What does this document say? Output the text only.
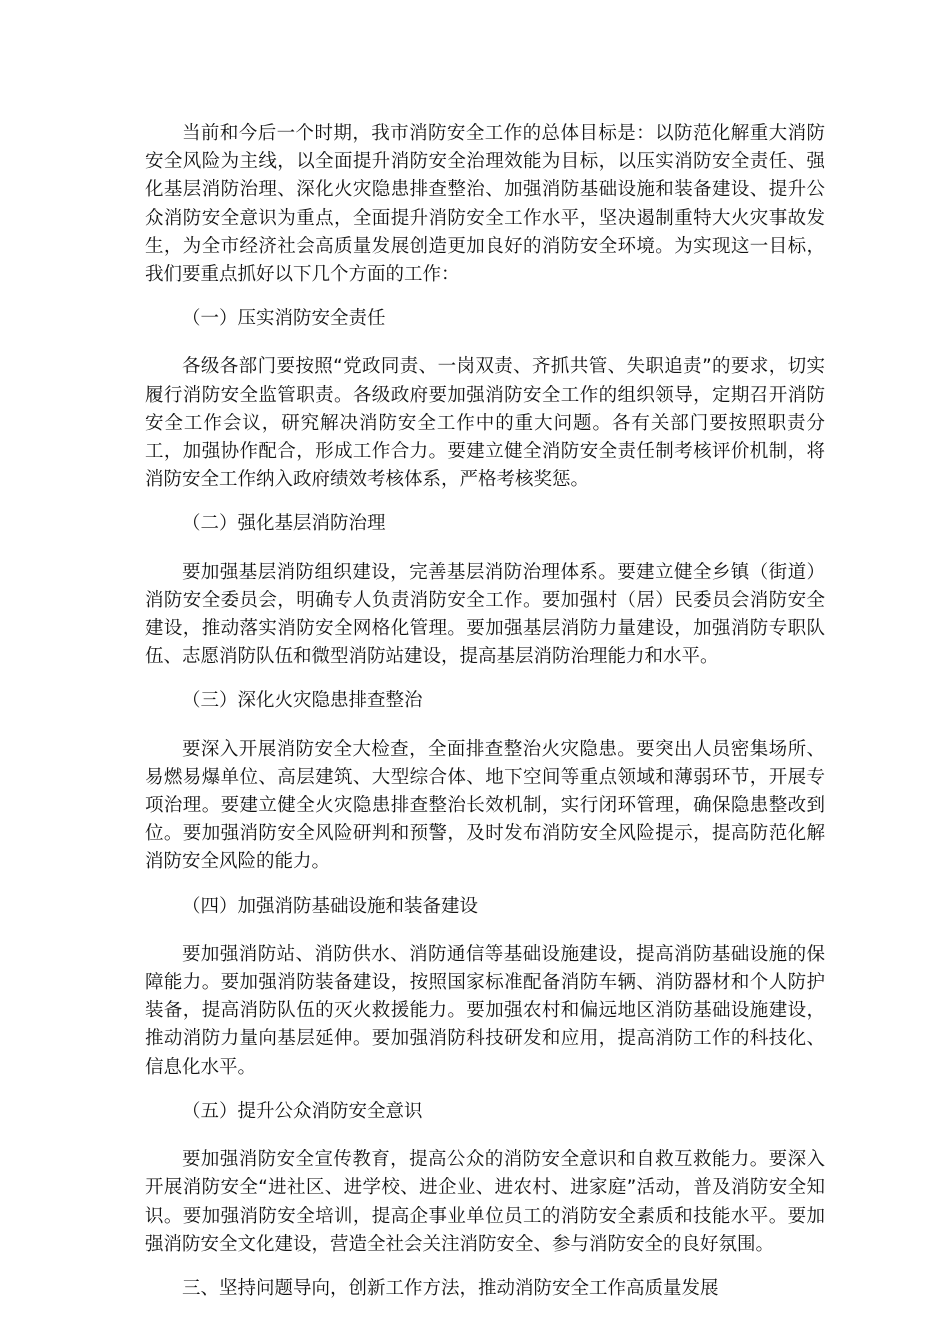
当前和今后一个时期，我市消防安全工作的总体目标是：以防范化解重大消防安全风险为主线，以全面提升消防安全治理效能为目标，以压实消防安全责任、强化基层消防治理、深化火灾隐患排查整治、加强消防基础设施和装备建设、提升公众消防安全意识为重点，全面提升消防安全工作水平，坚决遏制重特大火灾事故发生，为全市经济社会高质量发展创造更加良好的消防安全环境。为实现这一目标，我们要重点抓好以下几个方面的工作：

（一）压实消防安全责任

各级各部门要按照“党政同责、一岗双责、齐抓共管、失职追责”的要求，切实履行消防安全监管职责。各级政府要加强消防安全工作的组织领导，定期召开消防安全工作会议，研究解决消防安全工作中的重大问题。各有关部门要按照职责分工，加强协作配合，形成工作合力。要建立健全消防安全责任制考核评价机制，将消防安全工作纳入政府绩效考核体系，严格考核奖惩。

（二）强化基层消防治理

要加强基层消防组织建设，完善基层消防治理体系。要建立健全乡镇（街道）消防安全委员会，明确专人负责消防安全工作。要加强村（居）民委员会消防安全建设，推动落实消防安全网格化管理。要加强基层消防力量建设，加强消防专职队伍、志愿消防队伍和微型消防站建设，提高基层消防治理能力和水平。

（三）深化火灾隐患排查整治

要深入开展消防安全大检查，全面排查整治火灾隐患。要突出人员密集场所、易燃易爆单位、高层建筑、大型综合体、地下空间等重点领域和薄弱环节，开展专项治理。要建立健全火灾隐患排查整治长效机制，实行闭环管理，确保隐患整改到位。要加强消防安全风险研判和预警，及时发布消防安全风险提示，提高防范化解消防安全风险的能力。

（四）加强消防基础设施和装备建设

要加强消防站、消防供水、消防通信等基础设施建设，提高消防基础设施的保障能力。要加强消防装备建设，按照国家标准配备消防车辆、消防器材和个人防护装备，提高消防队伍的灭火救援能力。要加强农村和偏远地区消防基础设施建设，推动消防力量向基层延伸。要加强消防科技研发和应用，提高消防工作的科技化、信息化水平。

（五）提升公众消防安全意识

要加强消防安全宣传教育，提高公众的消防安全意识和自救互救能力。要深入开展消防安全“进社区、进学校、进企业、进农村、进家庭”活动，普及消防安全知识。要加强消防安全培训，提高企事业单位员工的消防安全素质和技能水平。要加强消防安全文化建设，营造全社会关注消防安全、参与消防安全的良好氛围。

三、坚持问题导向，创新工作方法，推动消防安全工作高质量发展
